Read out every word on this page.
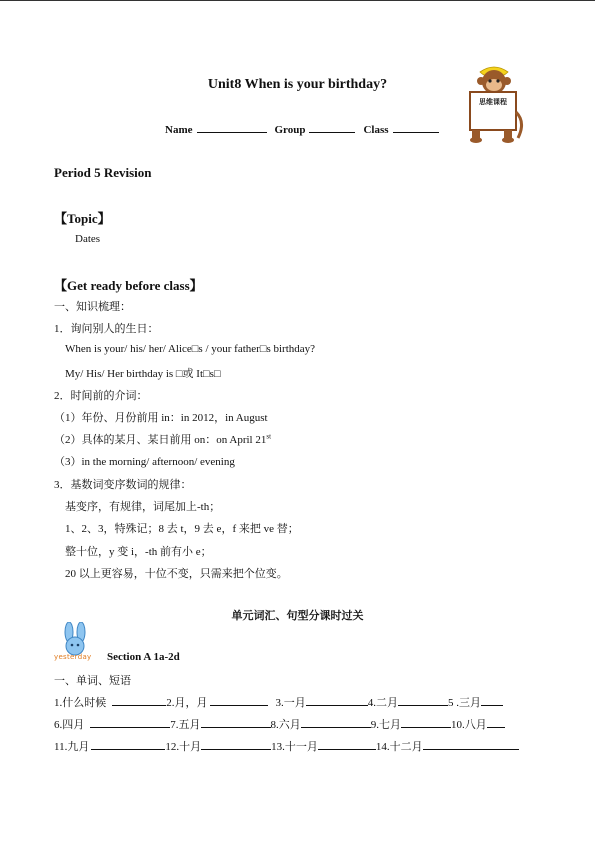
Unit8 When is your birthday?
Name	Group	Class
思维课程
Period 5 Revision
【Topic】
Dates
【Get ready before class】
一、知识梳理：
1．询问别人的生日：
When is your/ his/ her/ Alice□s / your father□s birthday?
My/ His/ Her birthday is □或 It□s□
2．时间前的介词：
（1）年份、月份前用 in：in 2012，in August
（2）具体的某月、某日前用 on：on April 21st
（3）in the morning/ afternoon/ evening
3．基数词变序数词的规律：
基变序，有规律，词尾加上-th；
1、2、3，特殊记；8 去 t，9 去 e，f 来把 ve 替；
整十位，y 变 i，-th 前有小 e；
20 以上更容易，十位不变，只需来把个位变。
单元词汇、句型分课时过关
yesterday Section A 1a-2d
一、单词、短语
1.什么时候	2.月，月	3.一月	4.二月	5 .三月
6.四月	7.五月	8.六月	9.七月	10.八月
11.九月	12.十月	13.十一月	14.十二月
